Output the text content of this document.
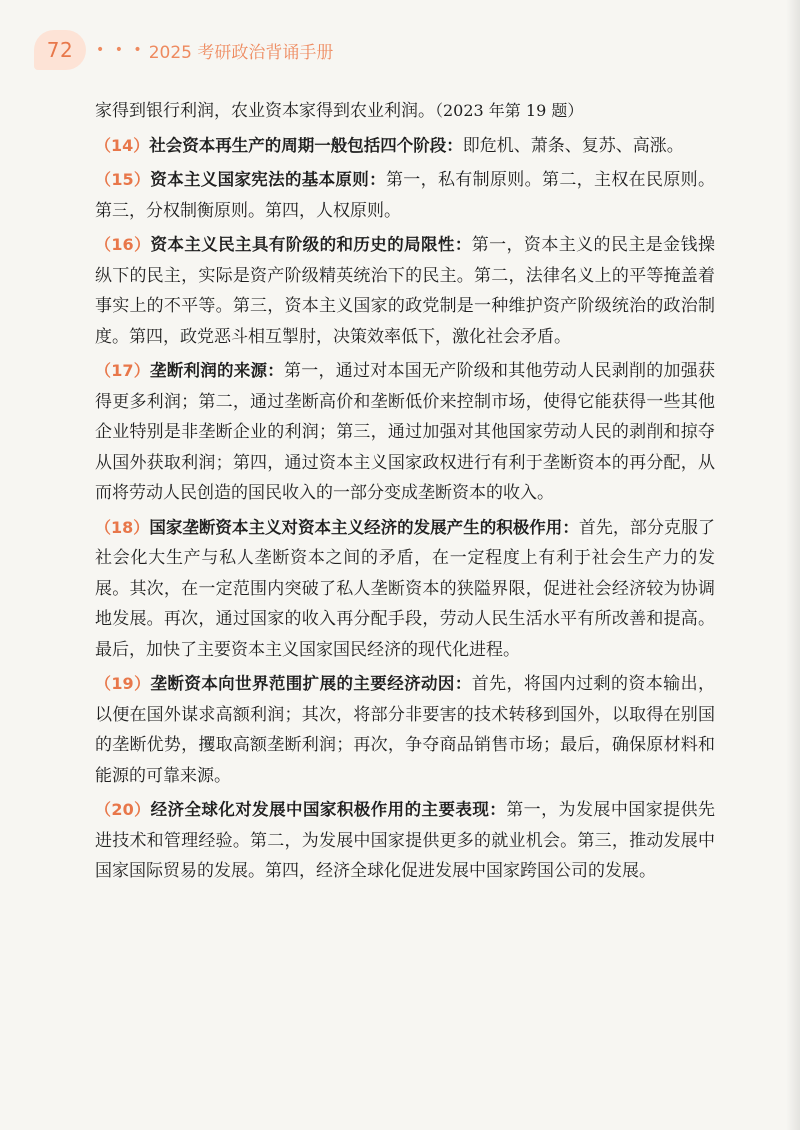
72	• • • 2025 考研政治背诵手册

家得到银行利润，农业资本家得到农业利润。（2023 年第 19 题）

（14）社会资本再生产的周期一般包括四个阶段：即危机、萧条、复苏、高涨。

（15）资本主义国家宪法的基本原则：第一，私有制原则。第二，主权在民原则。第三，分权制衡原则。第四，人权原则。

（16）资本主义民主具有阶级的和历史的局限性：第一，资本主义的民主是金钱操纵下的民主，实际是资产阶级精英统治下的民主。第二，法律名义上的平等掩盖着事实上的不平等。第三，资本主义国家的政党制是一种维护资产阶级统治的政治制度。第四，政党恶斗相互掣肘，决策效率低下，激化社会矛盾。

（17）垄断利润的来源：第一，通过对本国无产阶级和其他劳动人民剥削的加强获得更多利润；第二，通过垄断高价和垄断低价来控制市场，使得它能获得一些其他企业特别是非垄断企业的利润；第三，通过加强对其他国家劳动人民的剥削和掠夺从国外获取利润；第四，通过资本主义国家政权进行有利于垄断资本的再分配，从而将劳动人民创造的国民收入的一部分变成垄断资本的收入。

（18）国家垄断资本主义对资本主义经济的发展产生的积极作用：首先，部分克服了社会化大生产与私人垄断资本之间的矛盾，在一定程度上有利于社会生产力的发展。其次，在一定范围内突破了私人垄断资本的狭隘界限，促进社会经济较为协调地发展。再次，通过国家的收入再分配手段，劳动人民生活水平有所改善和提高。最后，加快了主要资本主义国家国民经济的现代化进程。

（19）垄断资本向世界范围扩展的主要经济动因：首先，将国内过剩的资本输出，以便在国外谋求高额利润；其次，将部分非要害的技术转移到国外，以取得在别国的垄断优势，攫取高额垄断利润；再次，争夺商品销售市场；最后，确保原材料和能源的可靠来源。

（20）经济全球化对发展中国家积极作用的主要表现：第一，为发展中国家提供先进技术和管理经验。第二，为发展中国家提供更多的就业机会。第三，推动发展中国家国际贸易的发展。第四，经济全球化促进发展中国家跨国公司的发展。
